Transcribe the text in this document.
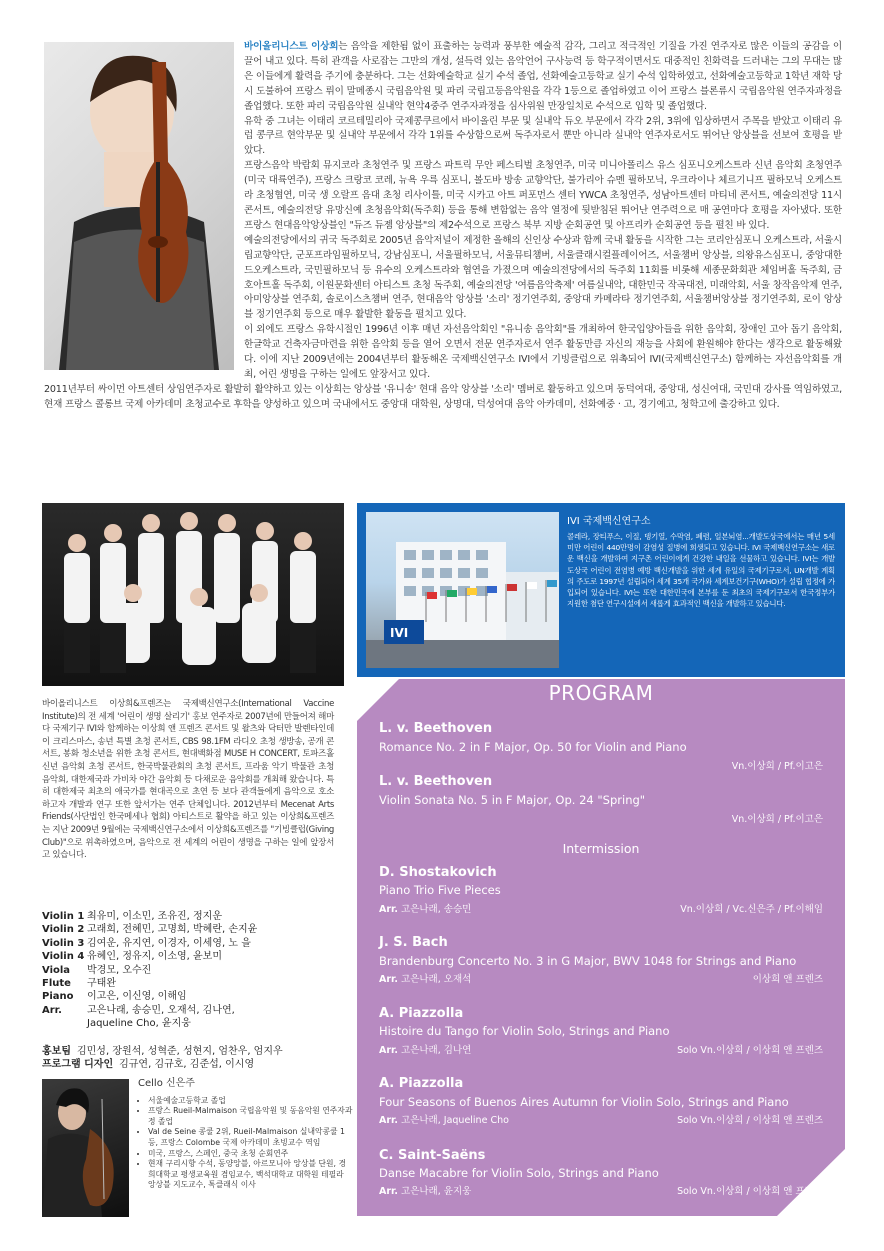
바이올리니스트 이상희는 음악을 제한됨 없이 표출하는 능력과 풍부한 예술적 감각, 그리고 적극적인 기질을 가진 연주자로 많은 이들의 공감을 이끌어 내고 있다. 특히 관객을 사로잡는 그만의 개성, 설득력 있는 음악언어 구사능력 등 학구적이면서도 대중적인 친화력을 드러내는 그의 무대는 많은 이들에게 활력을 주기에 충분하다. 그는 선화예술학교 실기 수석 졸업, 선화예술고등학교 실기 수석 입학하였고, 선화예술고등학교 1학년 재학 당시 도불하여 프랑스 뤼이 말메종시 국립음악원 및 파리 국립고등음악원을 각각 1등으로 졸업하였고 이어 프랑스 블론류시 국립음악원 연주자과정을 졸업했다. 또한 파리 국립음악원 실내악 현악4중주 연주자과정을 심사위원 만장일치로 수석으로 입학 및 졸업했다.

유학 중 그녀는 이태리 코르테밀리아 국제콩쿠르에서 바이올린 부문 및 실내악 듀오 부문에서 각각 2위, 3위에 입상하면서 주목을 받았고 이태리 유럽 콩쿠르 현악부문 및 실내악 부문에서 각각 1위를 수상함으로써 독주자로서 뿐만 아니라 실내악 연주자로서도 뛰어난 앙상블을 선보여 호평을 받았다.

프랑스음악 박람회 뮤지코라 초청연주 및 프랑스 파트릭 무안 페스티벌 초청연주, 미국 미니아폴리스 유스 심포니오케스트라 신년 음악회 초청연주(미국 대륙연주), 프랑스 크랑코 코레, 뉴욕 우륵 심포니, 볼도바 방송 교향악단, 불가리아 슈멘 필하모닉, 우크라이나 체르기니프 필하모닉 오케스트라 초청협연, 미국 생 오랄프 음대 초청 리사이틀, 미국 시카고 아트 퍼포먼스 센터 YWCA 초청연주, 성남아트센터 마티네 콘서트, 예술의전당 11시 콘서트, 예술의전당 유망신예 초청음악회(독주회) 등을 통해 변함없는 음악 열정에 뒷받침된 뛰어난 연주력으로 매 공연마다 호평을 자아냈다. 또한 프랑스 현대음악앙상블인 "듀즈 듀젬 앙상블"의 제2수석으로 프랑스 북부 지방 순회공연 및 아프리카 순회공연 등을 펼친 바 있다.

예술의전당에서의 귀국 독주회로 2005년 음악저널이 제정한 올해의 신인상 수상과 함께 국내 활동을 시작한 그는 코리안심포니 오케스트라, 서울시립교향악단, 군포프라임필하모닉, 강남심포니, 서울필하모닉, 서울뮤티챔버, 서울클래시컬플레이어즈, 서울챔버 앙상블, 의왕유스심포니, 중앙대한드오케스트라, 국민필하모닉 등 유수의 오케스트라와 협연을 가졌으며 예술의전당에서의 독주회 11회를 비롯해 세종문화회관 체임버홀 독주회, 금호아트홀 독주회, 이원문화센터 아티스트 초청 독주회, 예술의전당 '여름음악축제' 여름실내악, 대한민국 작곡대전, 미래악회, 서울 창작음악제 연주, 아미앙상블 연주회, 솔로이스츠챔버 연주, 현대음악 앙상블 '소리' 정기연주회, 중앙대 카메라타 정기연주회, 서울챔버앙상블 정기연주회, 로이 앙상블 정기연주회 등으로 매우 활발한 활동을 펼치고 있다.

이 외에도 프랑스 유학시절인 1996년 이후 매년 자선음악회인 "유니송 음악회"를 개최하여 한국입양아들을 위한 음악회, 장애인 고아 돕기 음악회, 한글학교 건축자금마련을 위한 음악회 등을 열어 오면서 전문 연주자로서 연주 활동만큼 자신의 재능을 사회에 환원해야 한다는 생각으로 활동해왔다. 이에 지난 2009년에는 2004년부터 활동해온 국제백신연구소 IVI에서 기빙클럽으로 위촉되어 IVI(국제백신연구소) 함께하는 자선음악회를 개최, 어린 생명을 구하는 일에도 앞장서고 있다.

2011년부터 싸이먼 아트센터 상임연주자로 활발히 활약하고 있는 이상희는 앙상블 '유니송' 현대 음악 앙상블 '소리' 멤버로 활동하고 있으며 동덕여대, 중앙대, 성신여대, 국민대 강사를 역임하였고, 현재 프랑스 콜롱브 국제 아카데미 초청교수로 후학을 양성하고 있으며 국내에서도 중앙대 대학원, 상명대, 덕성여대 음악 아카데미, 선화예중 · 고, 경기예고, 청학고에 출강하고 있다.

IVI
IVI 국제백신연구소
콜레라, 장티푸스, 이질, 뎅기열, 수막염, 폐렴, 일본뇌염...개발도상국에서는 매년 5세미만 어린이 440만명이 감염성 질병에 희생되고 있습니다. IVI 국제백신연구소는 새로운 백신을 개발하여 지구촌 어린이에게 건강한 내일을 선물하고 있습니다. IVI는 개발도상국 어린이 전염병 예방 백신개발을 위한 세계 유일의 국제기구로서, UN개발 계획의 주도로 1997년 설립되어 세계 35개 국가와 세계보건기구(WHO)가 설립 협정에 가입되어 있습니다. IVI는 또한 대한민국에 본부를 둔 최초의 국제기구로서 한국정부가 지원한 첨단 연구시설에서 새롭게 효과적인 백신을 개발하고 있습니다.
바이올리니스트 이상희&프렌즈는 국제백신연구소(International Vaccine Institute)의 전 세계 '어린이 생명 살리기' 홍보 연주자로 2007년에 만들어져 해마다 국제기구 IVI와 함께하는 이상희 앤 프렌즈 콘서트 및 왈츠와 닥터만 발렌타인데이 크리스마스, 송년 특별 초청 콘서트, CBS 98.1FM 라디오 초청 생방송, 공개 콘서트, 봉화 청소년을 위한 초청 콘서트, 현대백화점 MUSE H CONCERT, 토파즈홀 신년 음악회 초청 콘서트, 한국박물관회의 초청 콘서트, 프라움 악기 박물관 초청 음악회, 대한제국과 가비차 야간 음악회 등 다채로운 음악회를 개최해 왔습니다. 특히 대한제국 최초의 애국가를 현대곡으로 초연 등 보다 관객들에게 음악으로 호소하고자 개발과 연구 또한 앞서가는 연주 단체입니다. 2012년부터 Mecenat Arts Friends(사단법인 한국메세나 협회) 아티스트로 활약을 하고 있는 이상희&프렌즈는 지난 2009년 9월에는 국제백신연구소에서 이상희&프렌즈를 "기빙클럽(Giving Club)"으로 위촉하였으며, 음악으로 전 세계의 어린이 생명을 구하는 일에 앞장서고 있습니다.
Violin 1 최유미, 이소민, 조유진, 정지운
Violin 2 고래희, 전혜민, 고명희, 박혜란, 손지윤
Violin 3 김여운, 유지연, 이경자, 이세영, 노 을
Violin 4 유혜인, 정유지, 이소영, 윤보미
Viola	박경모, 오수진
Flute	구태완
Piano	이고은, 이신영, 이해임
Arr.	고은나래, 송승민, 오재석, 김나연,
Jaqueline Cho, 윤지웅
홍보팀 김민성, 장원석, 성혁준, 성현지, 엄찬우, 엄지우
프로그램 디자인 김규연, 김규호, 김준섭, 이시영
Cello 신은주
• 서울예술고등학교 졸업
• 프랑스 Rueil-Malmaison 국립음악원 및 동음악원 연주자과정 졸업
• Val de Seine 콩쿨 2위, Rueil-Malmaison 실내악콩쿨 1등, 프랑스 Colombe 국제 아카데미 초빙교수 역임
• 미국, 프랑스, 스페인, 중국 초청 순회연주
• 현재 구리시향 수석, 동양앙블, 아르모니아 앙상블 단원, 경희대학교 평생교육원 겸임교수, 백석대학교 대학원 테필라 앙상블 지도교수, 톡클래식 이사
PROGRAM
L. v. Beethoven
Romance No. 2 in F Major, Op. 50 for Violin and Piano
Vn.이상희 / Pf.이고은
L. v. Beethoven
Violin Sonata No. 5 in F Major, Op. 24 "Spring"
Vn.이상희 / Pf.이고은
Intermission
D. Shostakovich
Piano Trio Five Pieces
Arr. 고은나래, 송승민	Vn.이상희 / Vc.신은주 / Pf.이해임
J. S. Bach
Brandenburg Concerto No. 3 in G Major, BWV 1048 for Strings and Piano
Arr. 고은나래, 오재석	이상희 앤 프렌즈
A. Piazzolla
Histoire du Tango for Violin Solo, Strings and Piano
Arr. 고은나래, 김나연	Solo Vn.이상희 / 이상희 앤 프렌즈
A. Piazzolla
Four Seasons of Buenos Aires Autumn for Violin Solo, Strings and Piano
Arr. 고은나래, Jaqueline Cho	Solo Vn.이상희 / 이상희 앤 프렌즈
C. Saint-Saëns
Danse Macabre for Violin Solo, Strings and Piano
Arr. 고은나래, 윤지웅	Solo Vn.이상희 / 이상희 앤 프렌즈
